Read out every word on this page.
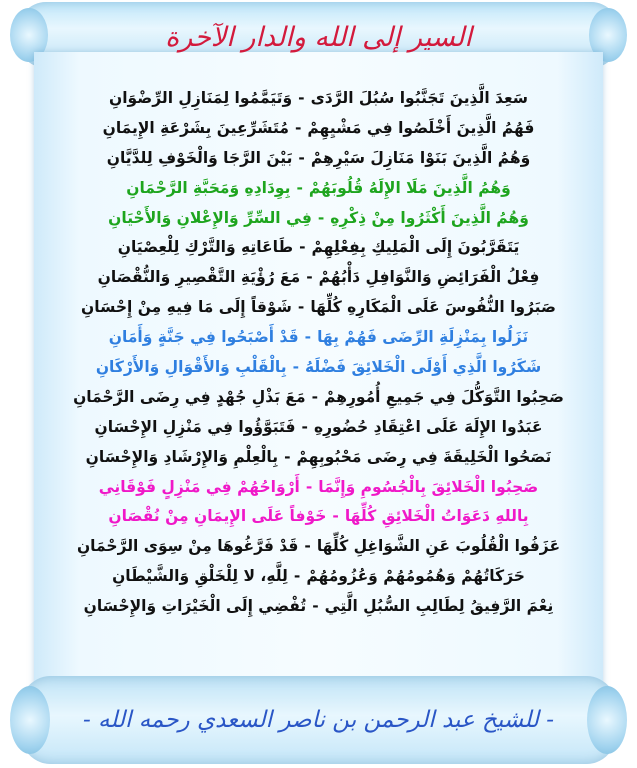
السير إلى الله والدار الآخرة
سَعِدَ الَّذِينَ تَجَنَّبُوا سُبُلَ الرَّدَى-وَتَيَمَّمُوا لِمَنَازِلِ الرِّضْوَانِ
فَهُمُ الَّذِينَ أَخْلَصُوا فِي مَشْيِهِمْ-مُتَشَرِّعِينَ بِشَرْعَةِ الإِيمَانِ
وَهُمُ الَّذِينَ بَنَوْا مَنَازِلَ سَيْرِهِمْ-بَيْنَ الرَّجَا وَالْخَوْفِ لِلدَّيَّانِ
وَهُمُ الَّذِينَ مَلَا الإِلَهُ قُلُوبَهُمْ-بِوِدَادِهِ وَمَحَبَّةِ الرَّحْمَانِ
وَهُمُ الَّذِينَ أَكْثَرُوا مِنْ ذِكْرِهِ-فِي السِّرِّ وَالإِعْلانِ وَالأَحْيَانِ
يَتَقَرَّبُونَ إِلَى الْمَلِيكِ بِفِعْلِهِمْ-طَاعَاتِهِ وَالتَّرْكِ لِلْعِصْيَانِ
فِعْلُ الْفَرَائِضِ وَالنَّوَافِلِ دَأْبُهُمْ-مَعَ رُؤْيَةِ التَّقْصِيرِ وَالنُّقْصَانِ
صَبَرُوا النُّفُوسَ عَلَى الْمَكَارِهِ كُلِّهَا-شَوْقاً إِلَى مَا فِيهِ مِنْ إِحْسَانِ
نَزَلُوا بِمَنْزِلَةِ الرِّضَى فَهُمْ بِهَا-قَدْ أَصْبَحُوا فِي جَنَّةٍ وَأَمَانِ
شَكَرُوا الَّذِي أَوْلَى الْخَلائِقَ فَضْلَهُ-بِالْقَلْبِ وَالأَقْوَالِ وَالأَرْكَانِ
صَحِبُوا التَّوَكُّلَ فِي جَمِيعِ أُمُورِهِمْ-مَعَ بَذْلِ جُهْدٍ فِي رِضَى الرَّحْمَانِ
عَبَدُوا الإِلَهَ عَلَى اعْتِقَادِ حُضُورِهِ-فَتَبَوَّؤُوا فِي مَنْزِلِ الإِحْسَانِ
نَصَحُوا الْخَلِيقَةَ فِي رِضَى مَحْبُوبِهِمْ-بِالْعِلْمِ وَالإِرْشَادِ وَالإِحْسَانِ
صَحِبُوا الْخَلائِقَ بِالْجُسُومِ وَإِنَّمَا-أَرْوَاحُهُمْ فِي مَنْزِلٍ فَوْقَانِي
بِاللهِ دَعَوَاتُ الْخَلائِقِ كُلِّهَا-خَوْفاً عَلَى الإِيمَانِ مِنْ نُقْصَانِ
عَزَفُوا الْقُلُوبَ عَنِ الشَّوَاغِلِ كُلِّهَا-قَدْ فَرَّغُوهَا مِنْ سِوَى الرَّحْمَانِ
حَرَكَاتُهُمْ وَهُمُومُهُمْ وَعُزُومُهُمْ-لِلَّهِ، لا لِلْخَلْقِ وَالشَّيْطَانِ
نِعْمَ الرَّفِيقُ لِطَالِبِ السُّبُلِ الَّتِي-تُفْضِي إِلَى الْخَيْرَاتِ وَالإِحْسَانِ
- للشيخ عبد الرحمن بن ناصر السعدي رحمه الله -
